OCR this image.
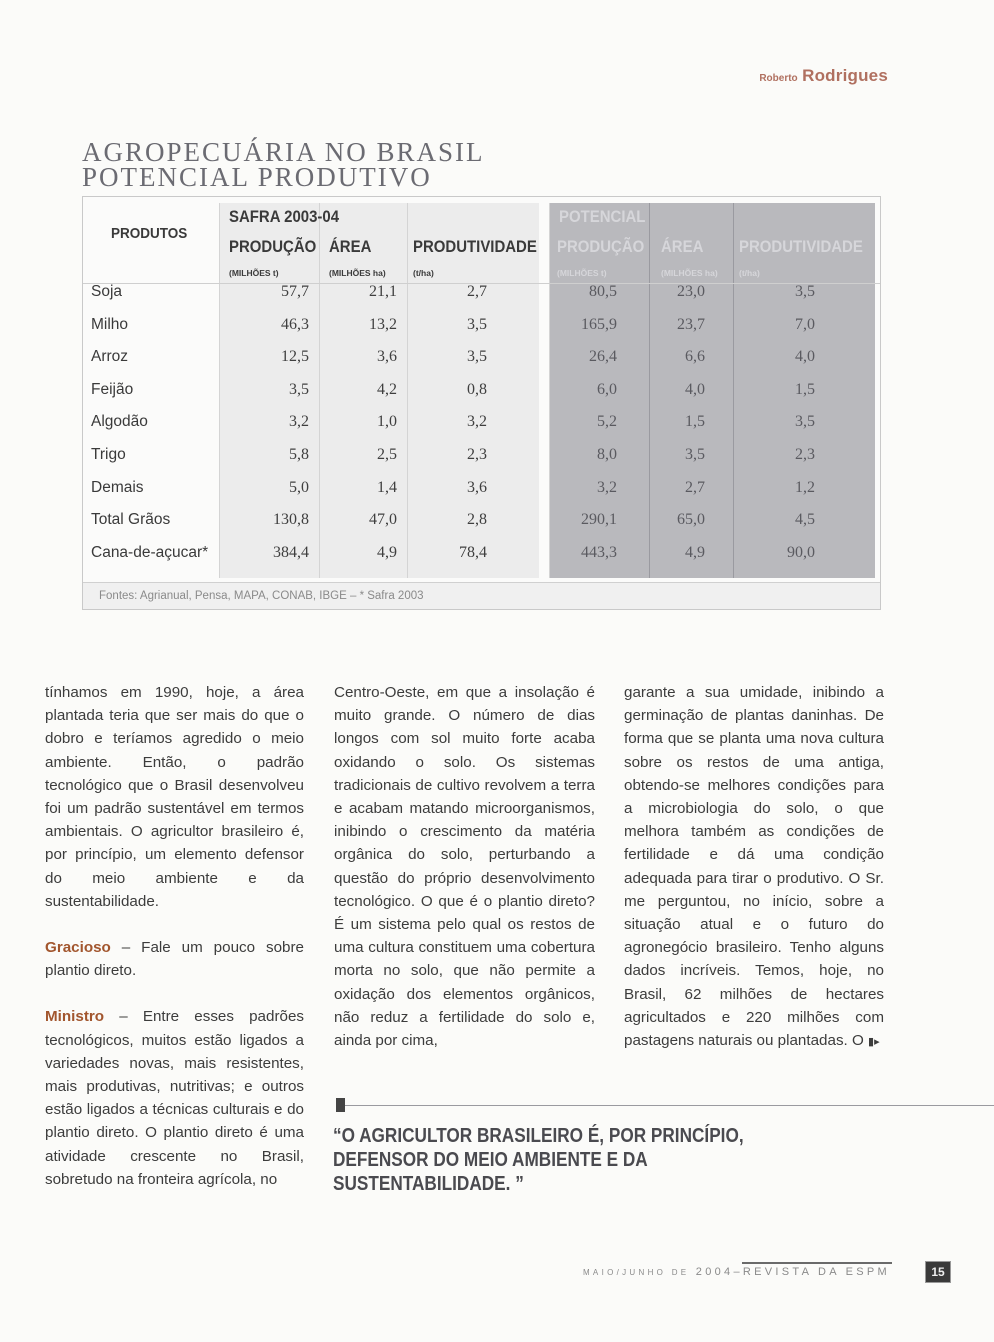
Roberto Rodrigues
AGROPECUÁRIA NO BRASIL
POTENCIAL PRODUTIVO
PRODUTOS
SAFRA 2003-04	POTENCIAL
PRODUÇÃO ÁREA PRODUTIVIDADE PRODUÇÃO ÁREA PRODUTIVIDADE
(MILHÕES t)	(MILHÕES ha)	(t/ha)	(MILHÕES t)	(MILHÕES ha)	(t/ha)
Soja	57,7	21,1	2,7	80,5	23,0	3,5
Milho	46,3	13,2	3,5	165,9	23,7	7,0
Arroz	12,5	3,6	3,5	26,4	6,6	4,0
Feijão	3,5	4,2	0,8	6,0	4,0	1,5
Algodão	3,2	1,0	3,2	5,2	1,5	3,5
Trigo	5,8	2,5	2,3	8,0	3,5	2,3
Demais	5,0	1,4	3,6	3,2	2,7	1,2
Total Grãos	130,8	47,0	2,8	290,1	65,0	4,5
Cana-de-açucar*	384,4	4,9	78,4	443,3	4,9	90,0
Fontes: Agrianual, Pensa, MAPA, CONAB, IBGE – * Safra 2003

tínhamos em 1990, hoje, a área plantada teria que ser mais do que o dobro e teríamos agredido o meio ambiente. Então, o padrão tecnológico que o Brasil desenvolveu foi um padrão sustentável em termos ambientais. O agricultor brasileiro é, por princípio, um elemento defensor do meio ambiente e da sustentabilidade.

Gracioso – Fale um pouco sobre plantio direto.

Ministro – Entre esses padrões tecnológicos, muitos estão ligados a variedades novas, mais resistentes, mais produtivas, nutritivas; e outros estão ligados a técnicas culturais e do plantio direto. O plantio direto é uma atividade crescente no Brasil, sobretudo na fronteira agrícola, no

Centro-Oeste, em que a insolação é muito grande. O número de dias longos com sol muito forte acaba oxidando o solo. Os sistemas tradicionais de cultivo revolvem a terra e acabam matando microorganismos, inibindo o crescimento da matéria orgânica do solo, perturbando a questão do próprio desenvolvimento tecnológico. O que é o plantio direto? É um sistema pelo qual os restos de uma cultura constituem uma cobertura morta no solo, que não permite a oxidação dos elementos orgânicos, não reduz a fertilidade do solo e, ainda por cima,

garante a sua umidade, inibindo a germinação de plantas daninhas. De forma que se planta uma nova cultura sobre os restos de uma antiga, obtendo-se melhores condições para a microbiologia do solo, o que melhora também as condições de fertilidade e dá uma condição adequada para tirar o produtivo. O Sr. me perguntou, no início, sobre a situação atual e o futuro do agronegócio brasileiro. Tenho alguns dados incríveis. Temos, hoje, no Brasil, 62 milhões de hectares agricultados e 220 milhões com pastagens naturais ou plantadas. O ▮▸

“O AGRICULTOR BRASILEIRO É, POR PRINCÍPIO, DEFENSOR DO MEIO AMBIENTE E DA SUSTENTABILIDADE. ”
MAIO/JUNHO DE 2004–REVISTA DA ESPM	15
